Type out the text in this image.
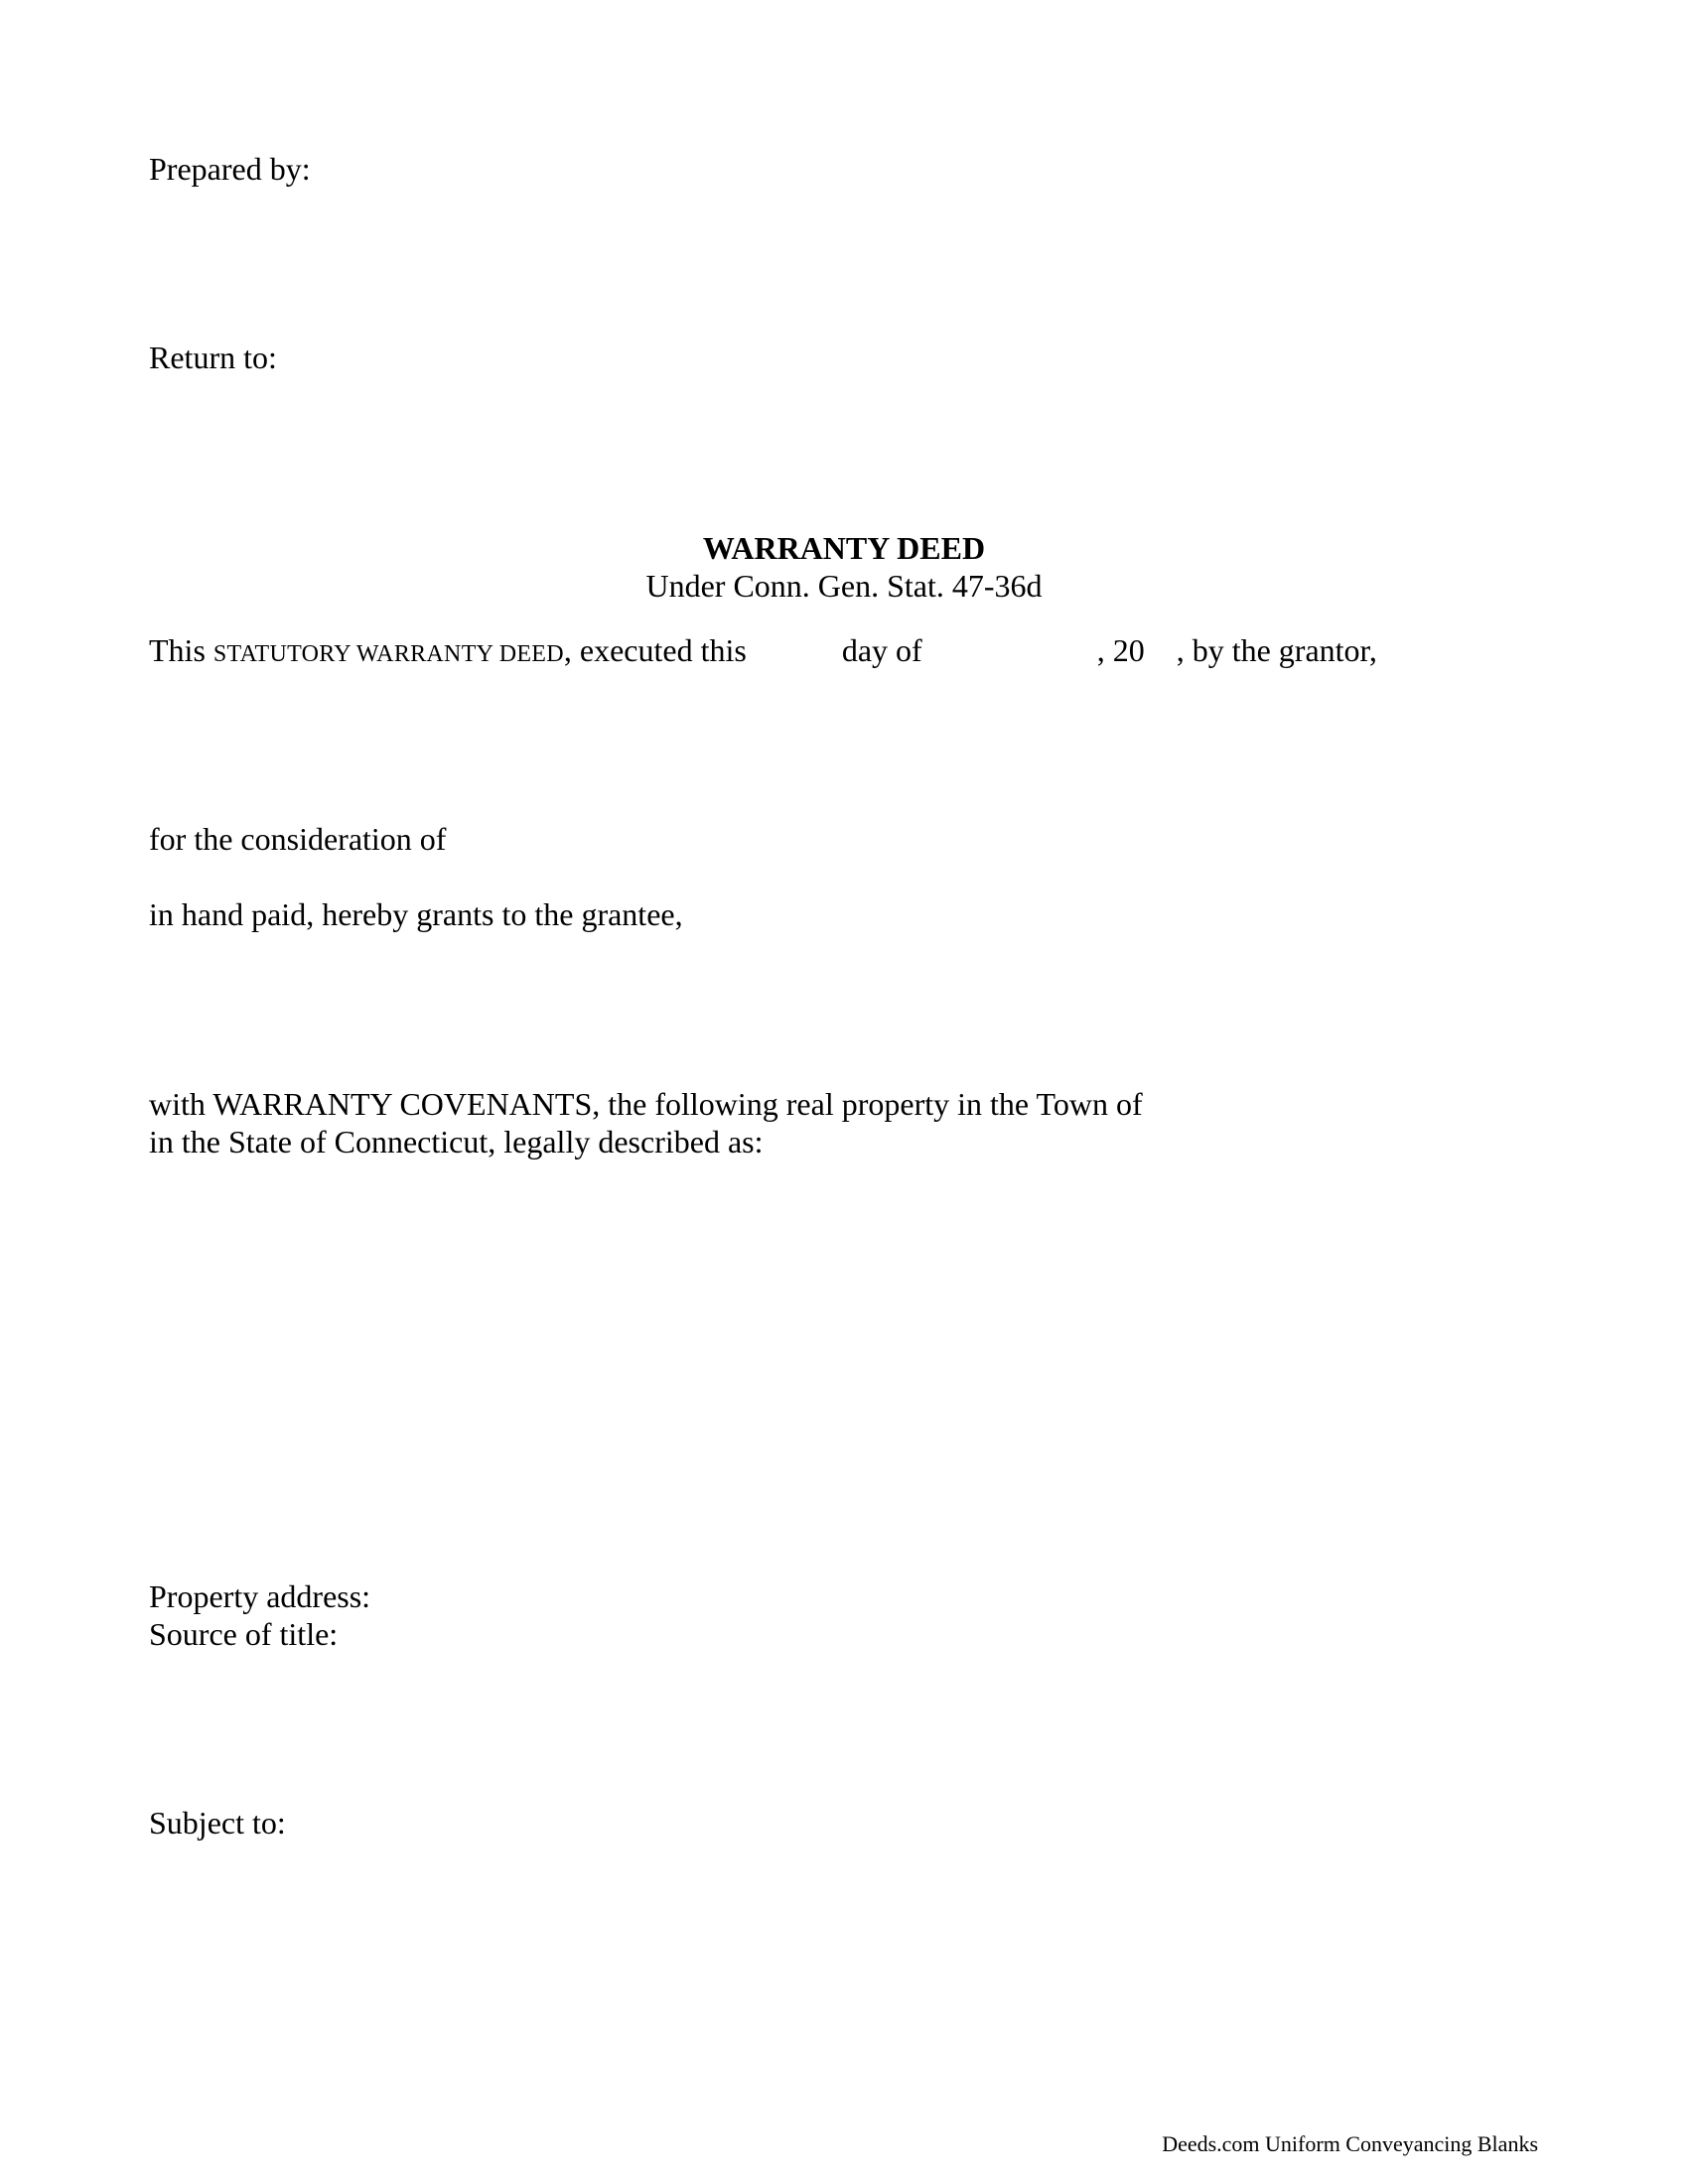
Prepared by:
Return to:
WARRANTY DEED
Under Conn. Gen. Stat. 47-36d
This STATUTORY WARRANTY DEED, executed this	day of	, 20 , by the grantor,
for the consideration of
in hand paid, hereby grants to the grantee,
with WARRANTY COVENANTS, the following real property in the Town of
in the State of Connecticut, legally described as:
Property address:
Source of title:
Subject to:
Deeds.com Uniform Conveyancing Blanks
